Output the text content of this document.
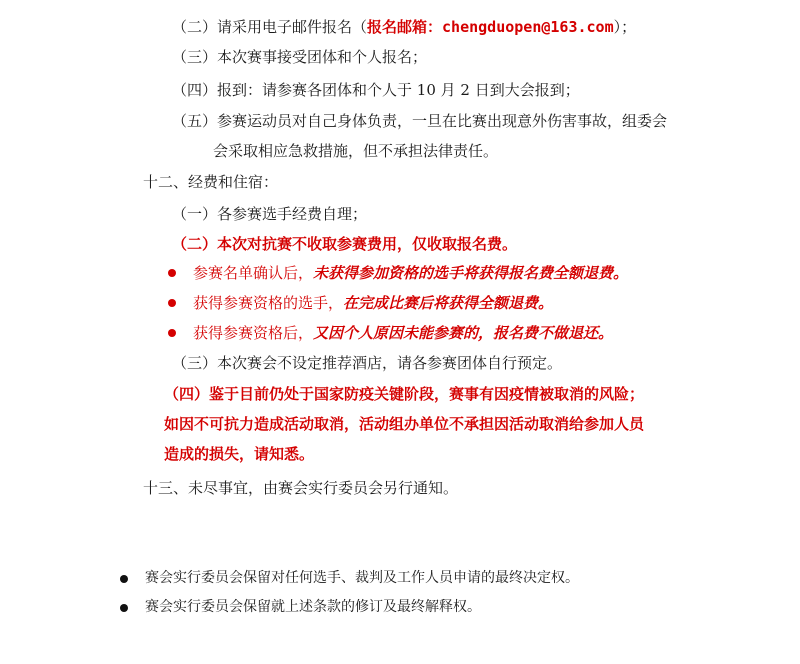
（二）请采用电子邮件报名（报名邮箱：chengduopen@163.com）；
（三）本次赛事接受团体和个人报名；
（四）报到：请参赛各团体和个人于 10 月 2 日到大会报到；
（五）参赛运动员对自己身体负责，一旦在比赛出现意外伤害事故，组委会
会采取相应急救措施，但不承担法律责任。
十二、经费和住宿：
（一）各参赛选手经费自理；
（二）本次对抗赛不收取参赛费用，仅收取报名费。
参赛名单确认后，未获得参加资格的选手将获得报名费全额退费。
获得参赛资格的选手，在完成比赛后将获得全额退费。
获得参赛资格后，又因个人原因未能参赛的，报名费不做退还。
（三）本次赛会不设定推荐酒店，请各参赛团体自行预定。
（四）鉴于目前仍处于国家防疫关键阶段，赛事有因疫情被取消的风险；
如因不可抗力造成活动取消，活动组办单位不承担因活动取消给参加人员
造成的损失，请知悉。
十三、未尽事宜，由赛会实行委员会另行通知。
赛会实行委员会保留对任何选手、裁判及工作人员申请的最终决定权。
赛会实行委员会保留就上述条款的修订及最终解释权。
